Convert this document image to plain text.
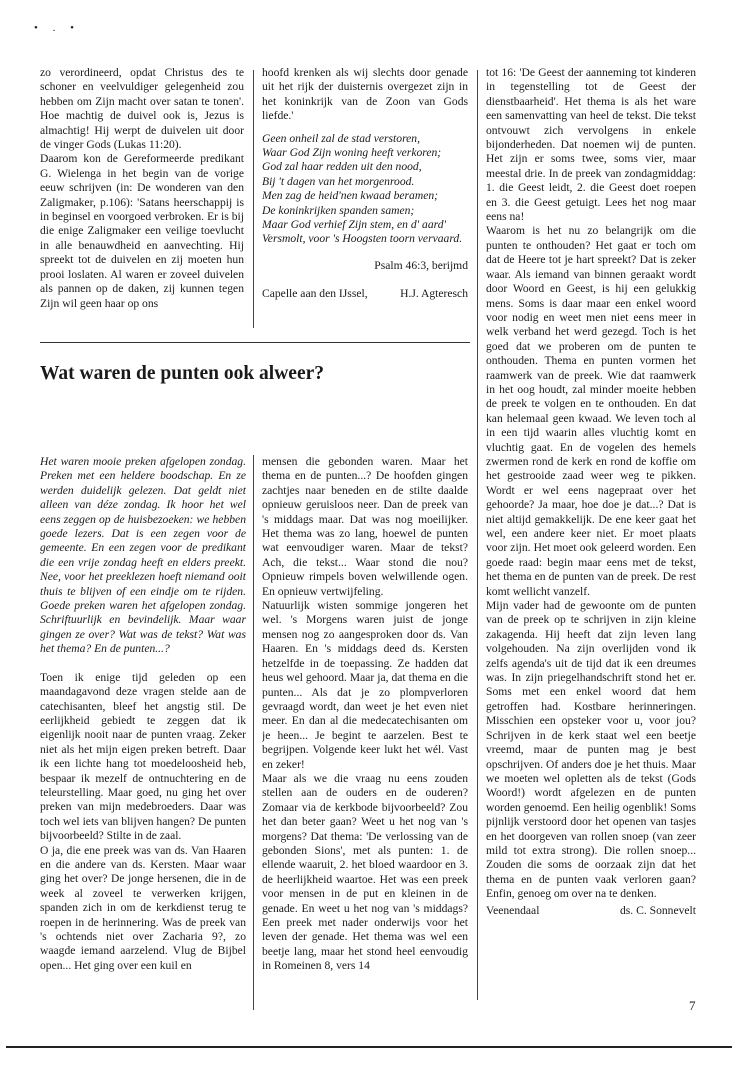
• . •

zo verordineerd, opdat Christus des te schoner en veelvuldiger gelegenheid zou hebben om Zijn macht over satan te tonen'. Hoe machtig de duivel ook is, Jezus is almachtig! Hij werpt de duivelen uit door de vinger Gods (Lukas 11:20).

Daarom kon de Gereformeerde predikant G. Wielenga in het begin van de vorige eeuw schrijven (in: De wonderen van den Zaligmaker, p.106): 'Satans heerschappij is in beginsel en voorgoed verbroken. Er is bij die enige Zaligmaker een veilige toevlucht in alle benauwdheid en aanvechting. Hij spreekt tot de duivelen en zij moeten hun prooi loslaten. Al waren er zoveel duivelen als pannen op de daken, zij kunnen tegen Zijn wil geen haar op ons

hoofd krenken als wij slechts door genade uit het rijk der duisternis overgezet zijn in het koninkrijk van de Zoon van Gods liefde.'

Geen onheil zal de stad verstoren,
Waar God Zijn woning heeft verkoren;
God zal haar redden uit den nood,
Bij 't dagen van het morgenrood.
Men zag de heid'nen kwaad beramen;
De koninkrijken spanden samen;
Maar God verhief Zijn stem, en d' aard'
Versmolt, voor 's Hoogsten toorn vervaard.

Psalm 46:3, berijmd

Capelle aan den IJssel,	H.J. Agteresch
Wat waren de punten ook alweer?

Het waren mooie preken afgelopen zondag. Preken met een heldere boodschap. En ze werden duidelijk gelezen. Dat geldt niet alleen van déze zondag. Ik hoor het wel eens zeggen op de huisbezoeken: we hebben goede lezers. Dat is een zegen voor de gemeente. En een zegen voor de predikant die een vrije zondag heeft en elders preekt. Nee, voor het preeklezen hoeft niemand ooit thuis te blijven of een eindje om te rijden. Goede preken waren het afgelopen zondag. Schriftuurlijk en bevindelijk. Maar waar gingen ze over? Wat was de tekst? Wat was het thema? En de punten...?

Toen ik enige tijd geleden op een maandagavond deze vragen stelde aan de catechisanten, bleef het angstig stil. De eerlijkheid gebiedt te zeggen dat ik eigenlijk nooit naar de punten vraag. Zeker niet als het mijn eigen preken betreft. Daar ik een lichte hang tot moedeloosheid heb, bespaar ik mezelf de ontnuchtering en de teleurstelling. Maar goed, nu ging het over preken van mijn medebroeders. Daar was toch wel iets van blijven hangen? De punten bijvoorbeeld? Stilte in de zaal.

O ja, die ene preek was van ds. Van Haaren en die andere van ds. Kersten. Maar waar ging het over? De jonge hersenen, die in de week al zoveel te verwerken krijgen, spanden zich in om de kerkdienst terug te roepen in de herinnering. Was de preek van 's ochtends niet over Zacharia 9?, zo waagde iemand aarzelend. Vlug de Bijbel open... Het ging over een kuil en

mensen die gebonden waren. Maar het thema en de punten...? De hoofden gingen zachtjes naar beneden en de stilte daalde opnieuw geruisloos neer. Dan de preek van 's middags maar. Dat was nog moeilijker. Het thema was zo lang, hoewel de punten wat eenvoudiger waren. Maar de tekst? Ach, die tekst... Waar stond die nou? Opnieuw rimpels boven welwillende ogen. En opnieuw vertwijfeling.

Natuurlijk wisten sommige jongeren het wel. 's Morgens waren juist de jonge mensen nog zo aangesproken door ds. Van Haaren. En 's middags deed ds. Kersten hetzelfde in de toepassing. Ze hadden dat heus wel gehoord. Maar ja, dat thema en die punten... Als dat je zo plompverloren gevraagd wordt, dan weet je het even niet meer. En dan al die medecatechisanten om je heen... Je begint te aarzelen. Best te begrijpen. Volgende keer lukt het wél. Vast en zeker!

Maar als we die vraag nu eens zouden stellen aan de ouders en de ouderen? Zomaar via de kerkbode bijvoorbeeld? Zou het dan beter gaan? Weet u het nog van 's morgens? Dat thema: 'De verlossing van de gebonden Sions', met als punten: 1. de ellende waaruit, 2. het bloed waardoor en 3. de heerlijkheid waartoe. Het was een preek voor mensen in de put en kleinen in de genade. En weet u het nog van 's middags? Een preek met nader onderwijs voor het leven der genade. Het thema was wel een beetje lang, maar het stond heel eenvoudig in Romeinen 8, vers 14

tot 16: 'De Geest der aanneming tot kinderen in tegenstelling tot de Geest der dienstbaarheid'. Het thema is als het ware een samenvatting van heel de tekst. Die tekst ontvouwt zich vervolgens in enkele bijonderheden. Dat noemen wij de punten. Het zijn er soms twee, soms vier, maar meestal drie. In de preek van zondagmiddag: 1. die Geest leidt, 2. die Geest doet roepen en 3. die Geest getuigt. Lees het nog maar eens na!

Waarom is het nu zo belangrijk om die punten te onthouden? Het gaat er toch om dat de Heere tot je hart spreekt? Dat is zeker waar. Als iemand van binnen geraakt wordt door Woord en Geest, is hij een gelukkig mens. Soms is daar maar een enkel woord voor nodig en weet men niet eens meer in welk verband het werd gezegd. Toch is het goed dat we proberen om de punten te onthouden. Thema en punten vormen het raamwerk van de preek. Wie dat raamwerk in het oog houdt, zal minder moeite hebben de preek te volgen en te onthouden. En dat kan helemaal geen kwaad. We leven toch al in een tijd waarin alles vluchtig komt en vluchtig gaat. En de vogelen des hemels zwermen rond de kerk en rond de koffie om het gestrooide zaad weer weg te pikken. Wordt er wel eens nagepraat over het gehoorde? Ja maar, hoe doe je dat...? Dat is niet altijd gemakkelijk. De ene keer gaat het wel, een andere keer niet. Er moet plaats voor zijn. Het moet ook geleerd worden. Een goede raad: begin maar eens met de tekst, het thema en de punten van de preek. De rest komt wellicht vanzelf.

Mijn vader had de gewoonte om de punten van de preek op te schrijven in zijn kleine zakagenda. Hij heeft dat zijn leven lang volgehouden. Na zijn overlijden vond ik zelfs agenda's uit de tijd dat ik een dreumes was. In zijn priegelhandschrift stond het er. Soms met een enkel woord dat hem getroffen had. Kostbare herinneringen. Misschien een opsteker voor u, voor jou? Schrijven in de kerk staat wel een beetje vreemd, maar de punten mag je best opschrijven. Of anders doe je het thuis. Maar we moeten wel opletten als de tekst (Gods Woord!) wordt afgelezen en de punten worden genoemd. Een heilig ogenblik! Soms pijnlijk verstoord door het openen van tasjes en het doorgeven van rollen snoep (van zeer mild tot extra strong). Die rollen snoep... Zouden die soms de oorzaak zijn dat het thema en de punten vaak verloren gaan? Enfin, genoeg om over na te denken.

Veenendaal	ds. C. Sonnevelt
7
